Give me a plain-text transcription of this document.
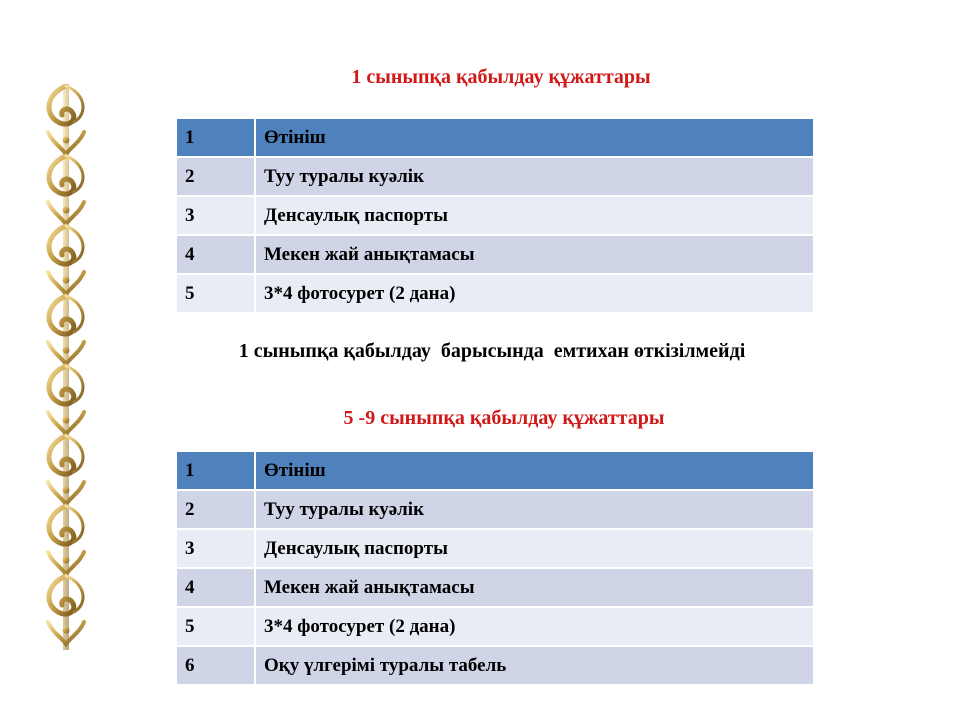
1 сыныпқа қабылдау құжаттары

1	Өтініш
2	Туу туралы куәлік
3	Денсаулық паспорты
4	Мекен жай анықтамасы
5	3*4 фотосурет (2 дана)

1 сыныпқа қабылдау  барысында  емтихан өткізілмейді

5 -9 сыныпқа қабылдау құжаттары

1	Өтініш
2	Туу туралы куәлік
3	Денсаулық паспорты
4	Мекен жай анықтамасы
5	3*4 фотосурет (2 дана)
6	Оқу үлгерімі туралы табель
